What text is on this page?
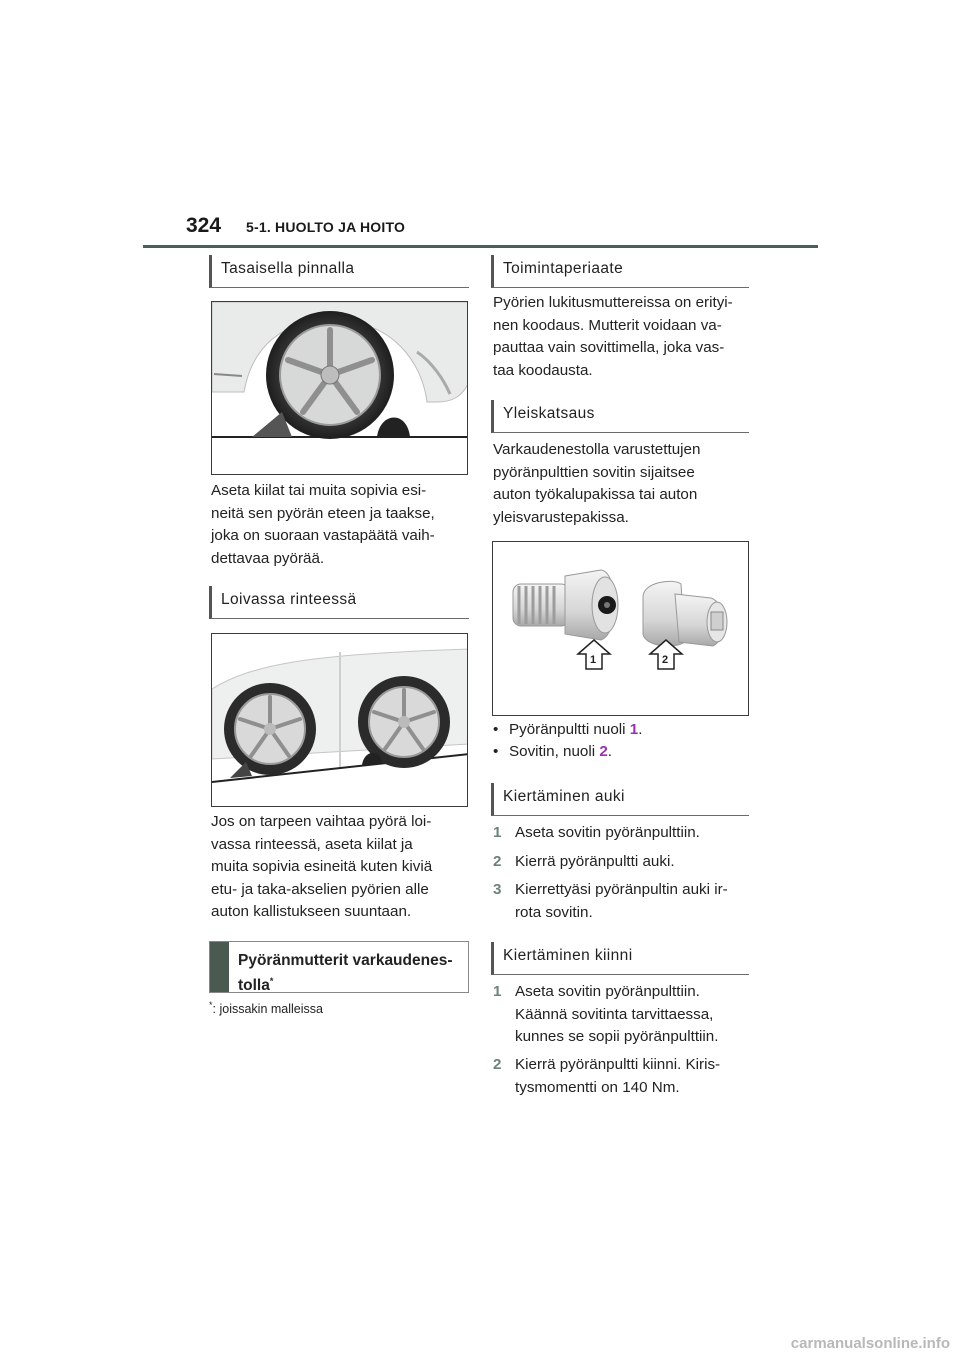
324 5-1. HUOLTO JA HOITO
Tasaisella pinnalla

Aseta kiilat tai muita sopivia esi-

neitä sen pyörän eteen ja taakse,

joka on suoraan vastapäätä vaih-

dettavaa pyörää.

Loivassa rinteessä

Jos on tarpeen vaihtaa pyörä loi-

vassa rinteessä, aseta kiilat ja

muita sopivia esineitä kuten kiviä

etu- ja taka-akselien pyörien alle

auton kallistukseen suuntaan.

Pyöränmutterit varkaudenes-
tolla*
*: joissakin malleissa
Toimintaperiaate

Pyörien lukitusmuttereissa on erityi-

nen koodaus. Mutterit voidaan va-

pauttaa vain sovittimella, joka vas-

taa koodausta.

Yleiskatsaus

Varkaudenestolla varustettujen

pyöränpulttien sovitin sijaitsee

auton työkalupakissa tai auton

yleisvarustepakissa.

1	2
• Pyöränpultti nuoli 1.
• Sovitin, nuoli 2.
Kiertäminen auki
1 Aseta sovitin pyöränpulttiin.

2 Kierrä pyöränpultti auki.

3 Kierrettyäsi pyöränpultin auki ir-

rota sovitin.

Kiertäminen kiinni
1 Aseta sovitin pyöränpulttiin.

Käännä sovitinta tarvittaessa,

kunnes se sopii pyöränpulttiin.

2 Kierrä pyöränpultti kiinni. Kiris-

tysmomentti on 140 Nm.

carmanualsonline.info
